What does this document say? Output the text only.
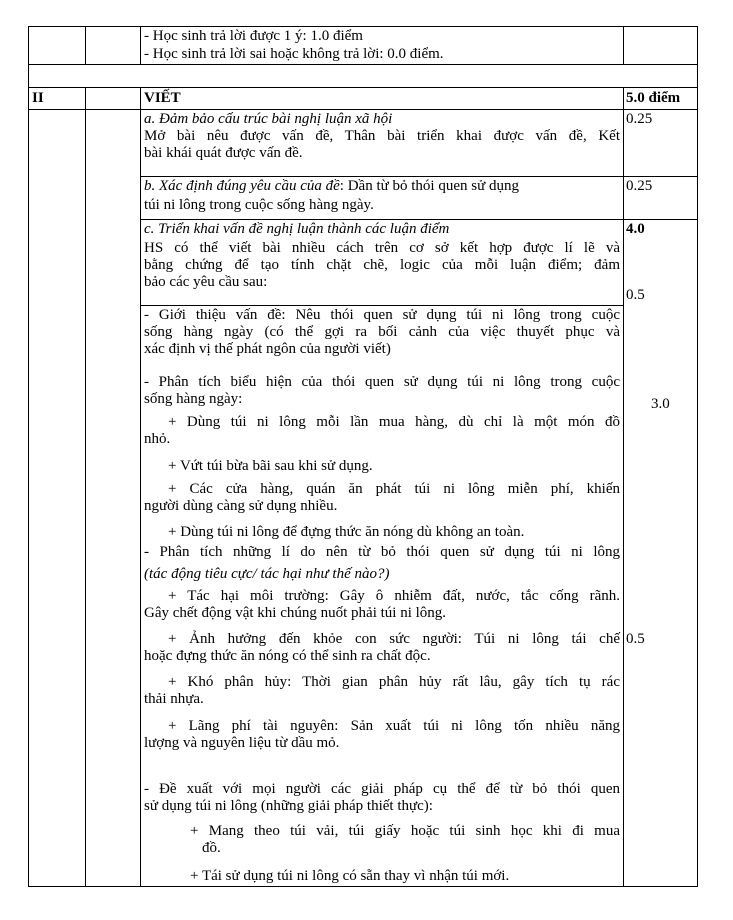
- Học sinh trả lời được 1 ý: 1.0 điểm

- Học sinh trả lời sai hoặc không trả lời: 0.0 điểm.

II	VIẾT	5.0 điểm

a. Đảm bảo cấu trúc bài nghị luận xã hội

Mở bài nêu được vấn đề, Thân bài triển khai được vấn đề, Kết
bài khái quát được vấn đề.

0.25

b. Xác định đúng yêu cầu của đề: Dần từ bỏ thói quen sử dụng

túi ni lông trong cuộc sống hàng ngày.

0.25

c. Triển khai vấn đề nghị luận thành các luận điểm

HS có thể viết bài nhiều cách trên cơ sở kết hợp được lí lẽ và
bằng chứng để tạo tính chặt chẽ, logic của mỗi luận điểm; đảm
bảo các yêu cầu sau:

4.0

0.5

- Giới thiệu vấn đề: Nêu thói quen sử dụng túi ni lông trong cuộc
sống hàng ngày (có thể gợi ra bối cảnh của việc thuyết phục và
xác định vị thế phát ngôn của người viết)
- Phân tích biểu hiện của thói quen sử dụng túi ni lông trong cuộc
sống hàng ngày:
+ Dùng túi ni lông mỗi lần mua hàng, dù chỉ là một món đồ
nhỏ.

+ Vứt túi bừa bãi sau khi sử dụng.

+ Các cửa hàng, quán ăn phát túi ni lông miễn phí, khiến
người dùng càng sử dụng nhiều.

+ Dùng túi ni lông để đựng thức ăn nóng dù không an toàn.

3.0

- Phân tích những lí do nên từ bỏ thói quen sử dụng túi ni lông

(tác động tiêu cực/ tác hại như thế nào?)

+ Tác hại môi trường: Gây ô nhiễm đất, nước, tắc cống rãnh.
Gây chết động vật khi chúng nuốt phải túi ni lông.
+ Ảnh hưởng đến khỏe con sức người: Túi ni lông tái chế
hoặc đựng thức ăn nóng có thể sinh ra chất độc.
+ Khó phân hủy: Thời gian phân hủy rất lâu, gây tích tụ rác
thải nhựa.
+ Lãng phí tài nguyên: Sản xuất túi ni lông tốn nhiều năng
lượng và nguyên liệu từ dầu mỏ.

0.5

- Đề xuất với mọi người các giải pháp cụ thể để từ bỏ thói quen
sử dụng túi ni lông (những giải pháp thiết thực):
+ Mang theo túi vải, túi giấy hoặc túi sinh học khi đi mua
đồ.

+ Tái sử dụng túi ni lông có sẵn thay vì nhận túi mới.
